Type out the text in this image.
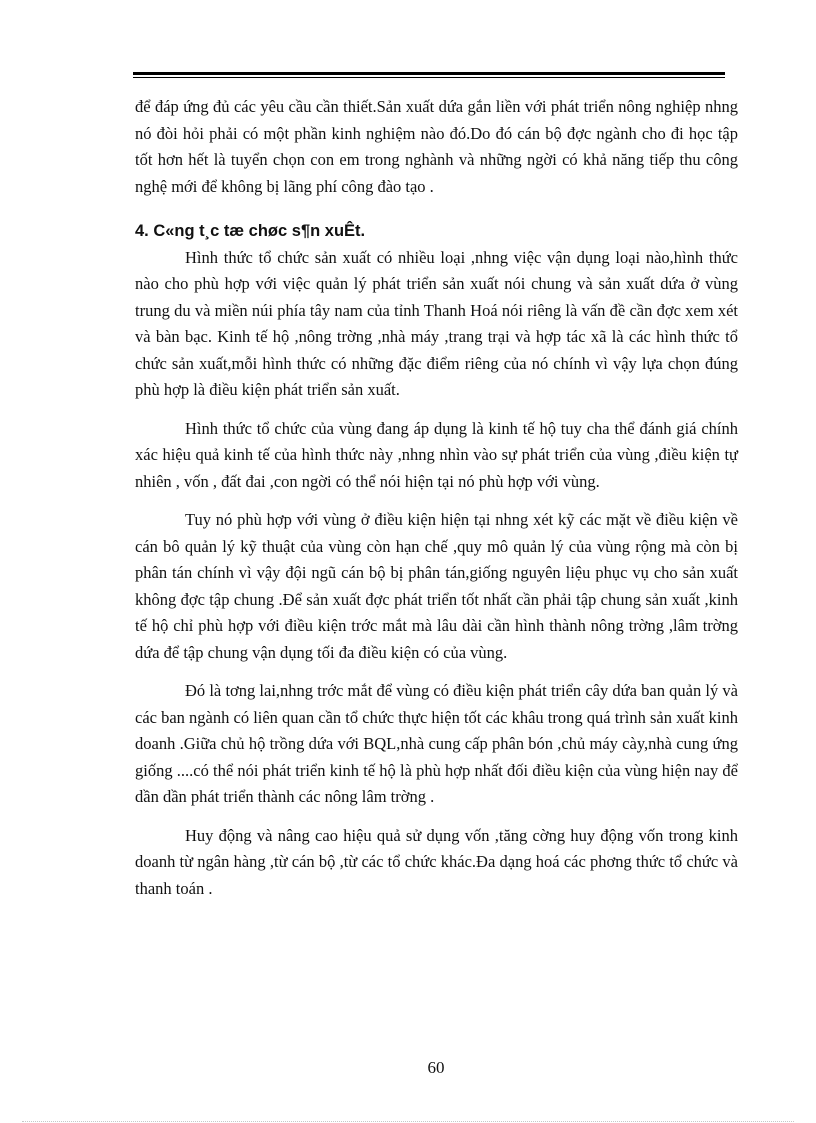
để đáp ứng đủ các yêu cầu cần thiết.Sản xuất dứa gắn liền với phát triển nông nghiệp nhng nó đòi hỏi phải có một phần kinh nghiệm nào đó.Do đó cán bộ đợc ngành cho đi học tập tốt hơn hết là tuyển chọn con em trong nghành và những ngời có khả năng tiếp thu công nghệ mới để không bị lãng phí công đào tạo .

4. C«ng t¸c tæ chøc s¶n xuÊt.

Hình thức tổ chức sản xuất có nhiều loại ,nhng việc vận dụng loại nào,hình thức nào cho phù hợp với việc quản lý phát triển sản xuất nói chung và sản xuất dứa ở vùng trung du và miền núi phía tây nam của tỉnh Thanh Hoá nói riêng là vấn đề cần đợc xem xét và bàn bạc. Kinh tế hộ ,nông trờng ,nhà máy ,trang trại và hợp tác xã là các hình thức tổ chức sản xuất,mỗi hình thức có những đặc điểm riêng của nó chính vì vậy lựa chọn đúng phù hợp là điều kiện phát triển sản xuất.

Hình thức tổ chức của vùng đang áp dụng là kinh tế hộ tuy cha thể đánh giá chính xác hiệu quả kinh tế của hình thức này ,nhng nhìn vào sự phát triển của vùng ,điều kiện tự nhiên , vốn , đất đai ,con ngời có thể nói hiện tại nó phù hợp với vùng.

Tuy nó phù hợp với vùng ở điều kiện hiện tại nhng xét kỹ các mặt về điều kiện về cán bô quản lý kỹ thuật của vùng còn hạn chế ,quy mô quản lý của vùng rộng mà còn bị phân tán chính vì vậy đội ngũ cán bộ bị phân tán,giống nguyên liệu phục vụ cho sản xuất không đợc tập chung .Để sản xuất đợc phát triển tốt nhất cần phải tập chung sản xuất ,kinh tế hộ chỉ phù hợp với điều kiện trớc mắt mà lâu dài cần hình thành nông trờng ,lâm trờng dứa để tập chung vận dụng tối đa điều kiện có của vùng.

Đó là tơng lai,nhng trớc mắt để vùng có điều kiện phát triển cây dứa ban quản lý và các ban ngành có liên quan cần tổ chức thực hiện tốt các khâu trong quá trình sản xuất kinh doanh .Giữa chủ hộ trồng dứa với BQL,nhà cung cấp phân bón ,chủ máy cày,nhà cung ứng giống ....có thể nói phát triển kinh tế hộ là phù hợp nhất đối điều kiện của vùng hiện nay để dần dần phát triển thành các nông lâm trờng .

Huy động và nâng cao hiệu quả sử dụng vốn ,tăng cờng huy động vốn trong kinh doanh từ ngân hàng ,từ cán bộ ,từ các tổ chức khác.Đa dạng hoá các phơng thức tổ chức và thanh toán .

60
